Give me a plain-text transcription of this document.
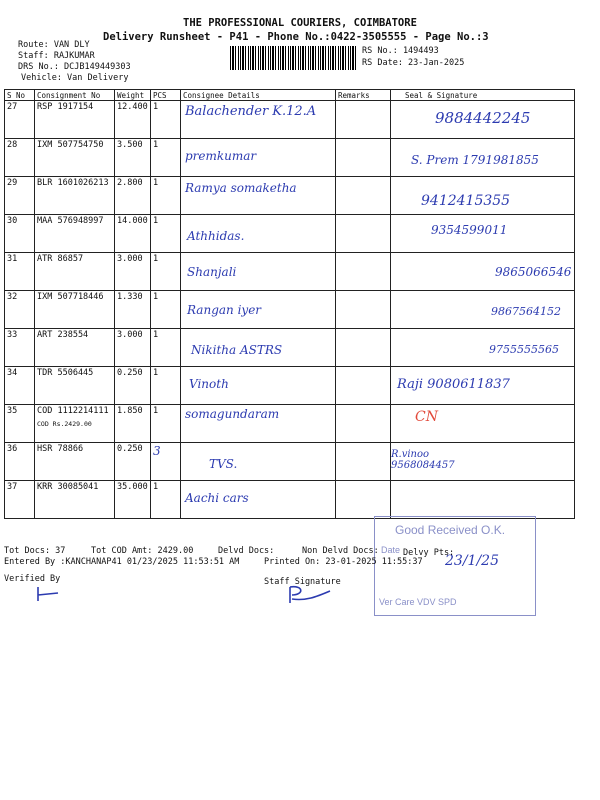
THE PROFESSIONAL COURIERS, COIMBATORE
Delivery Runsheet - P41 - Phone No.:0422-3505555 - Page No.:3
Route: VAN DLY
Staff: RAJKUMAR
DRS No.: DCJB149449303
Vehicle: Van Delivery
RS No.: 1494493
RS Date: 23-Jan-2025
S No	Consignment No	Weight	PCS	Consignee Details	Remarks	Seal & Signature
27	RSP 1917154	12.400	1	Balachender K.12.A		9884442245

28	IXM 507754750	3.500	1	premkumar		S. Prem 1791981855

29	BLR 1601026213	2.800	1	Ramya somaketha		9412415355

30	MAA 576948997	14.000	1	Athhidas.		9354599011

31	ATR 86857	3.000	1	Shanjali		9865066546

32	IXM 507718446	1.330	1	Rangan iyer		9867564152

33	ART 238554	3.000	1	Nikitha ASTRS		9755555565

34	TDR 5506445	0.250	1	Vinoth		Raji 9080611837

35	COD 1112214111
COD Rs.2429.00	1.850	1	somagundaram		CN

36	HSR 78866	0.250	3	TVS.		R.vinoo 9568084457

37	KRR 30085041	35.000	1	Aachi cars		

Good Received O.K.
Date
23/1/25
Ver Care VDV SPD
Tot Docs: 37	Tot COD Amt: 2429.00	Delvd Docs:	Non Delvd Docs:	Delvy Pts:
Entered By :KANCHANAP41 01/23/2025 11:53:51 AM	Printed On: 23-01-2025 11:55:37
Verified By	Staff Signature
